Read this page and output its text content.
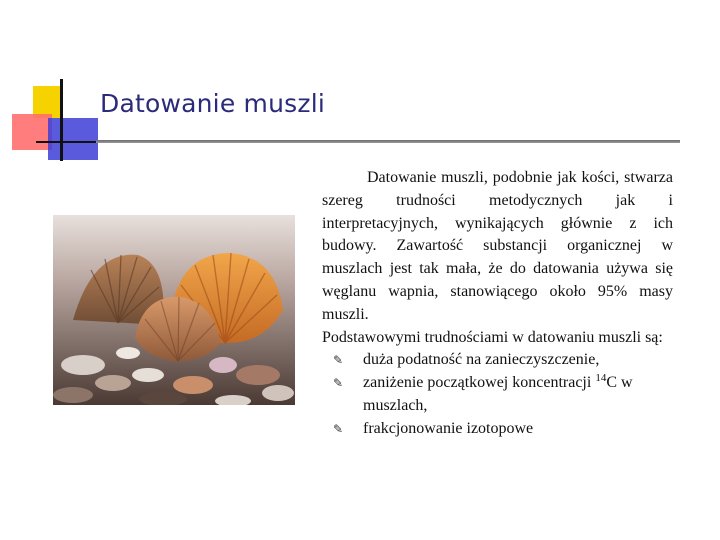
Datowanie muszli

Datowanie muszli, podobnie jak kości, stwarza szereg trudności metodycznych jak i interpretacyjnych, wynikających głównie z ich budowy. Zawartość substancji organicznej w muszlach jest tak mała, że do datowania używa się węglanu wapnia, stanowiącego około 95% masy muszli.

Podstawowymi trudnościami w datowaniu muszli są:

✎ duża podatność na zanieczyszczenie,
✎ zaniżenie początkowej koncentracji $^{14}$C w muszlach,
✎ frakcjonowanie izotopowe
